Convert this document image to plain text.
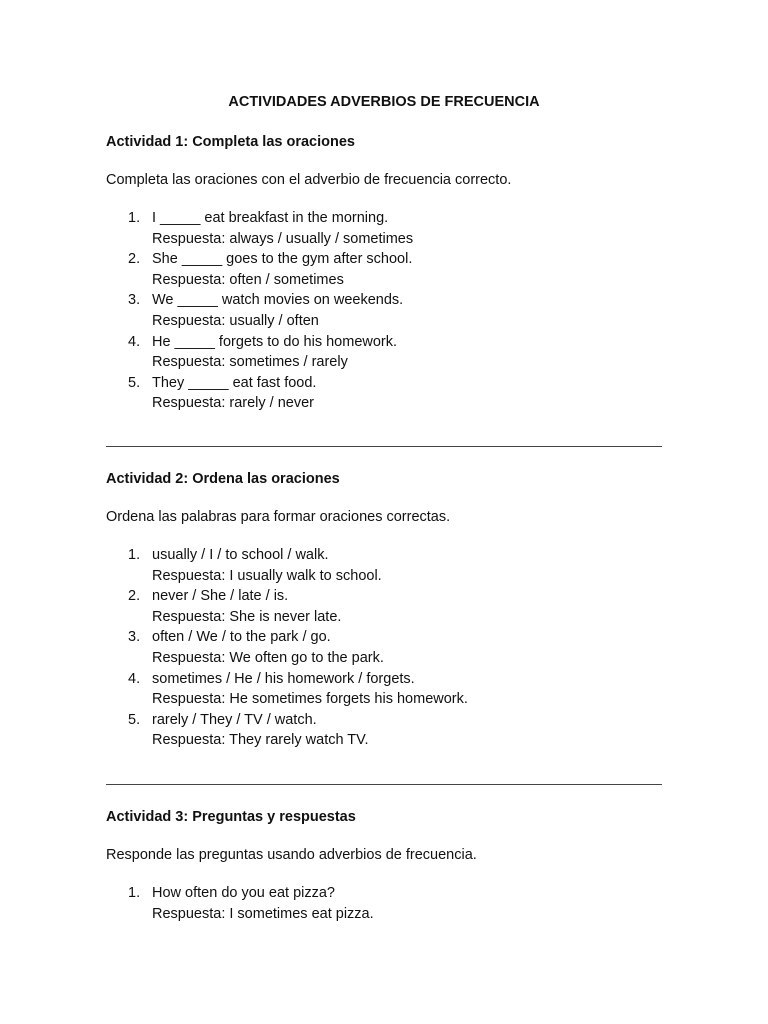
ACTIVIDADES ADVERBIOS DE FRECUENCIA
Actividad 1: Completa las oraciones

Completa las oraciones con el adverbio de frecuencia correcto.

1. I _____ eat breakfast in the morning.
Respuesta: always / usually / sometimes
2. She _____ goes to the gym after school.
Respuesta: often / sometimes
3. We _____ watch movies on weekends.
Respuesta: usually / often
4. He _____ forgets to do his homework.
Respuesta: sometimes / rarely
5. They _____ eat fast food.
Respuesta: rarely / never
Actividad 2: Ordena las oraciones

Ordena las palabras para formar oraciones correctas.

1. usually / I / to school / walk.
Respuesta: I usually walk to school.
2. never / She / late / is.
Respuesta: She is never late.
3. often / We / to the park / go.
Respuesta: We often go to the park.
4. sometimes / He / his homework / forgets.
Respuesta: He sometimes forgets his homework.
5. rarely / They / TV / watch.
Respuesta: They rarely watch TV.
Actividad 3: Preguntas y respuestas

Responde las preguntas usando adverbios de frecuencia.

1. How often do you eat pizza?
Respuesta: I sometimes eat pizza.
